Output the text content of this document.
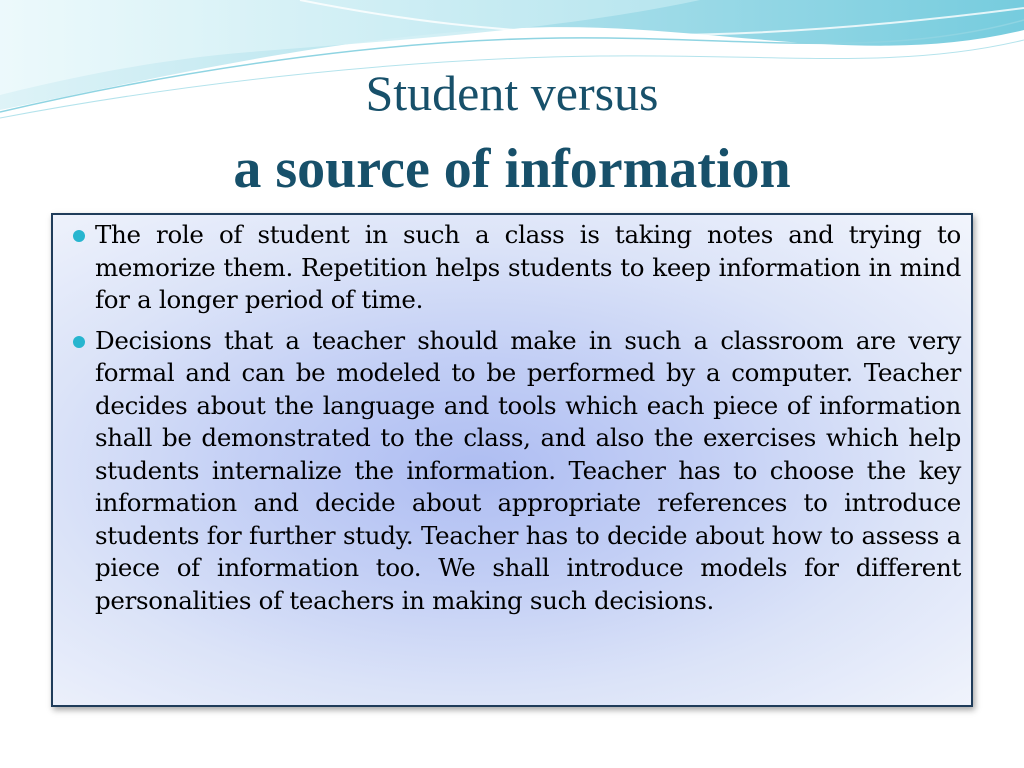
Student versus
a source of information
The role of student in such a class is taking notes and trying to memorize them. Repetition helps students to keep information in mind for a longer period of time.
Decisions that a teacher should make in such a classroom are very formal and can be modeled to be performed by a computer. Teacher decides about the language and tools which each piece of information shall be demonstrated to the class, and also the exercises which help students internalize the information. Teacher has to choose the key information and decide about appropriate references to introduce students for further study. Teacher has to decide about how to assess a piece of information too. We shall introduce models for different personalities of teachers in making such decisions.
